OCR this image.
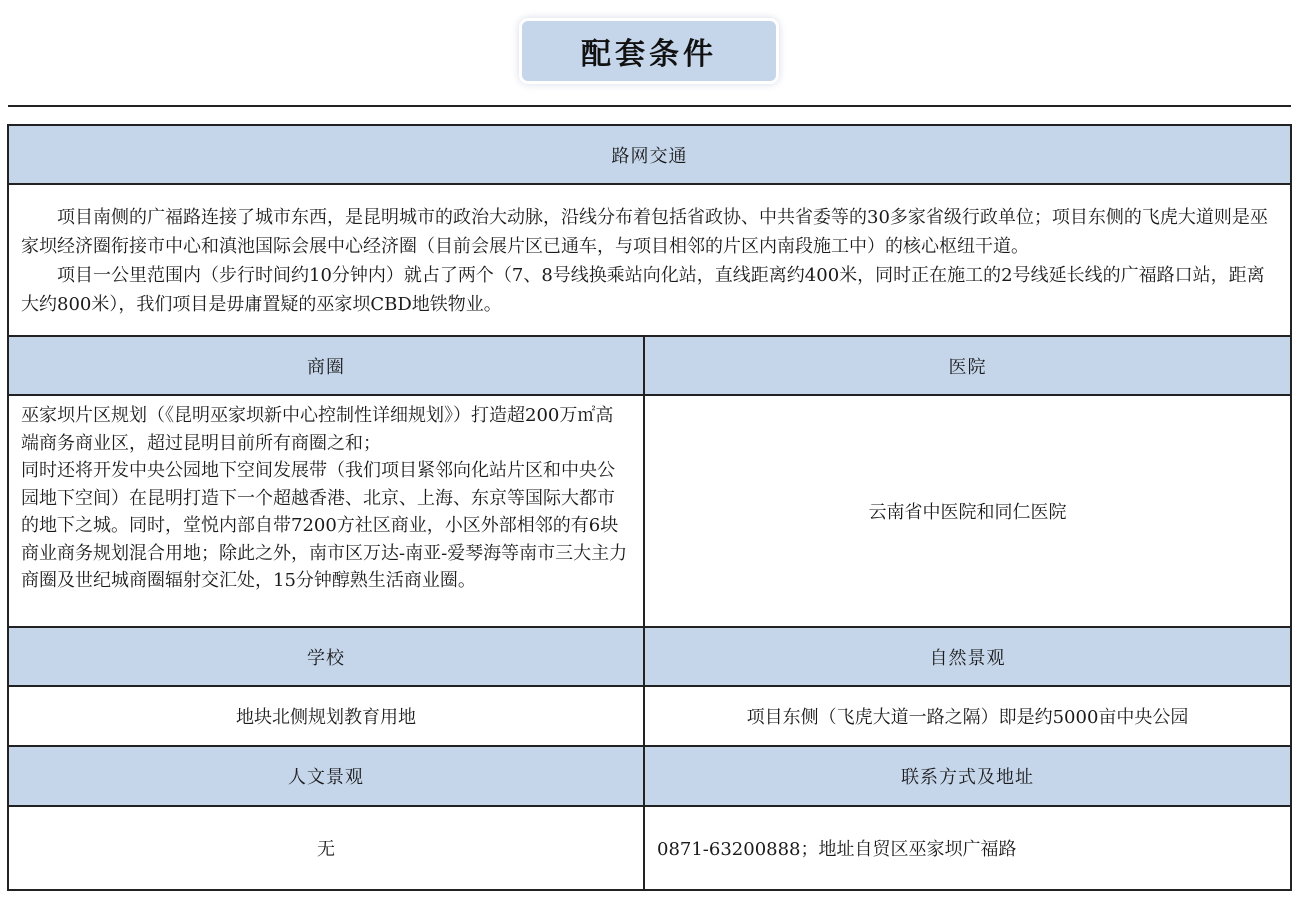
配套条件
路网交通	

项目南侧的广福路连接了城市东西，是昆明城市的政治大动脉，沿线分布着包括省政协、中共省委等的30多家省级行政单位；项目东侧的飞虎大道则是巫家坝经济圈衔接市中心和滇池国际会展中心经济圈（目前会展片区已通车，与项目相邻的片区内南段施工中）的核心枢纽干道。

项目一公里范围内（步行时间约10分钟内）就占了两个（7、8号线换乘站向化站，直线距离约400米，同时正在施工的2号线延长线的广福路口站，距离大约800米），我们项目是毋庸置疑的巫家坝CBD地铁物业。	

商圈	医院

巫家坝片区规划（《昆明巫家坝新中心控制性详细规划》）打造超200万㎡高端商务商业区，超过昆明目前所有商圈之和；

同时还将开发中央公园地下空间发展带（我们项目紧邻向化站片区和中央公园地下空间）在昆明打造下一个超越香港、北京、上海、东京等国际大都市的地下之城。同时，堂悦内部自带7200方社区商业，小区外部相邻的有6块商业商务规划混合用地；除此之外，南市区万达-南亚-爱琴海等南市三大主力商圈及世纪城商圈辐射交汇处，15分钟醇熟生活商业圈。	云南省中医院和同仁医院
学校	自然景观
地块北侧规划教育用地	项目东侧（飞虎大道一路之隔）即是约5000亩中央公园
人文景观	联系方式及地址
无	0871-63200888；地址自贸区巫家坝广福路
